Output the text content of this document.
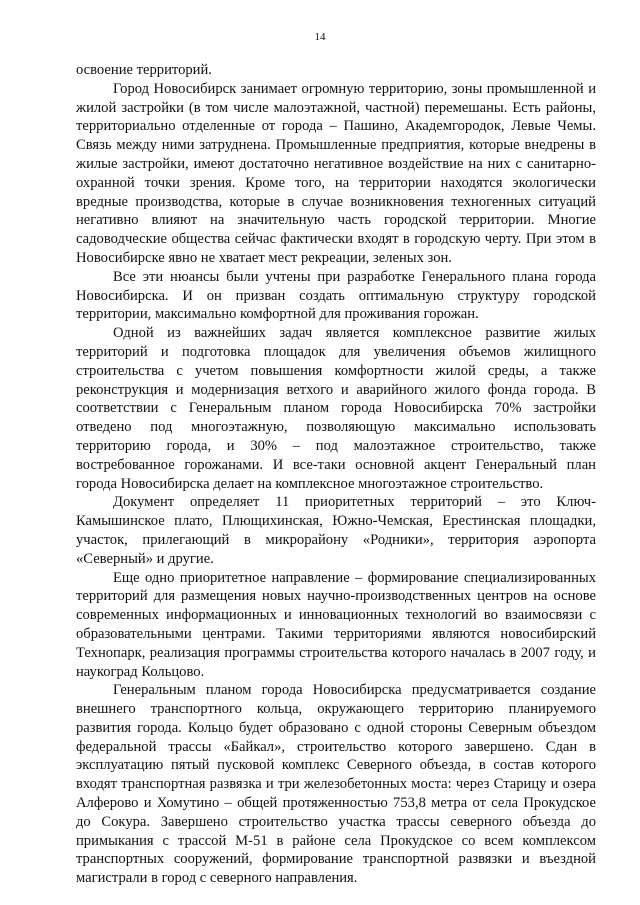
14

освоение территорий.

Город Новосибирск занимает огромную территорию, зоны промышленной и жилой застройки (в том числе малоэтажной, частной) перемешаны. Есть районы, территориально отделенные от города – Пашино, Академгородок, Левые Чемы. Связь между ними затруднена. Промышленные предприятия, которые внедрены в жилые застройки, имеют достаточно негативное воздействие на них с санитарно-охранной точки зрения. Кроме того, на территории находятся экологически вредные производства, которые в случае возникновения техногенных ситуаций негативно влияют на значительную часть городской территории. Многие садоводческие общества сейчас фактически входят в городскую черту. При этом в Новосибирске явно не хватает мест рекреации, зеленых зон.

Все эти нюансы были учтены при разработке Генерального плана города Новосибирска. И он призван создать оптимальную структуру городской территории, максимально комфортной для проживания горожан.

Одной из важнейших задач является комплексное развитие жилых территорий и подготовка площадок для увеличения объемов жилищного строительства с учетом повышения комфортности жилой среды, а также реконструкция и модернизация ветхого и аварийного жилого фонда города. В соответствии с Генеральным планом города Новосибирска 70% застройки отведено под многоэтажную, позволяющую максимально использовать территорию города, и 30% – под малоэтажное строительство, также востребованное горожанами. И все-таки основной акцент Генеральный план города Новосибирска делает на комплексное многоэтажное строительство.

Документ определяет 11 приоритетных территорий – это Ключ-Камышинское плато, Плющихинская, Южно-Чемская, Ерестинская площадки, участок, прилегающий в микрорайону «Родники», территория аэропорта «Северный» и другие.

Еще одно приоритетное направление – формирование специализированных территорий для размещения новых научно-производственных центров на основе современных информационных и инновационных технологий во взаимосвязи с образовательными центрами. Такими территориями являются новосибирский Технопарк, реализация программы строительства которого началась в 2007 году, и наукоград Кольцово.

Генеральным планом города Новосибирска предусматривается создание внешнего транспортного кольца, окружающего территорию планируемого развития города. Кольцо будет образовано с одной стороны Северным объездом федеральной трассы «Байкал», строительство которого завершено. Сдан в эксплуатацию пятый пусковой комплекс Северного объезда, в состав которого входят транспортная развязка и три железобетонных моста: через Старицу и озера Алферово и Хомутино – общей протяженностью 753,8 метра от села Прокудское до Сокура. Завершено строительство участка трассы северного объезда до примыкания с трассой М-51 в районе села Прокудское со всем комплексом транспортных сооружений, формирование транспортной развязки и въездной магистрали в город с северного направления.
